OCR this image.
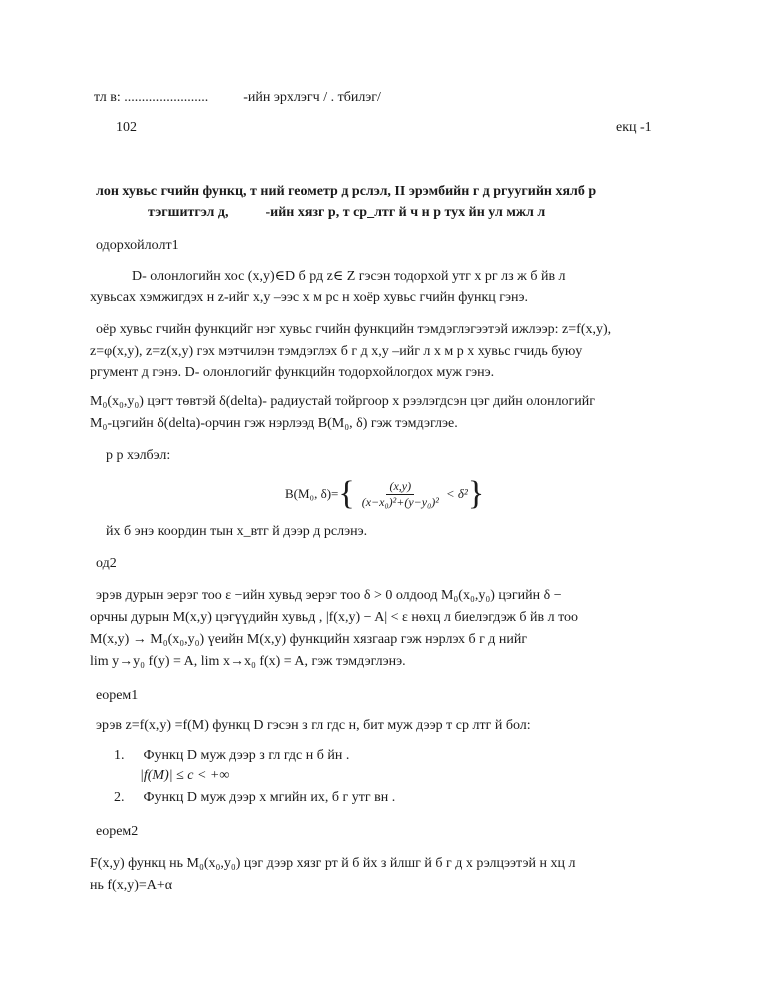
тл в: ........................	-ийн эрхлэгч / . тбилэг/
102	екц -1
лон хувьс гчийн функц, т ний геометр д рслэл, II эрэмбийн г д ргуугийн хялб р
тэгшитгэл д,	-ийн хязг р, т ср_лтг й ч н р тух йн ул мжл л
одорхойлолт1
D- олонлогийн хос (x,y)∈D б рд z∈ Z гэсэн тодорхой утг х рг лз ж б йв л
хувьсах хэмжигдэх н z-ийг x,y –ээс х м рс н хоёр хувьс гчийн функц гэнэ.
оёр хувьс гчийн функцийг нэг хувьс гчийн функцийн тэмдэглэгээтэй ижлээр: z=f(x,y),
z=φ(x,y), z=z(x,y) гэх мэтчилэн тэмдэглэх б г д x,y –ийг л х м р х хувьс гчидь буюу
ргумент д гэнэ. D- олонлогийг функцийн тодорхойлогдох муж гэнэ.
M₀(x₀,y₀) цэгт төвтэй δ(delta)- радиустай тойргоор х рээлэгдсэн цэг дийн олонлогийг
M₀-цэгийн δ(delta)-орчин гэж нэрлээд B(M₀, δ) гэж тэмдэглэе.
р р хэлбэл:
B(M₀, δ)= { $\frac{(x,y)}{\text{(x−x₀)²+(y−y₀)²}} < \delta^2$ }
йх б энэ координ тын х_втг й дээр д рслэнэ.
од2
эрэв дурын эерэг тоо ε −ийн хувьд эерэг тоо δ > 0 олдоод M₀(x₀,y₀) цэгийн δ −
орчны дурын M(x,y) цэгүүдийн хувьд , |f(x,y) − A| < ε нөхц л биелэгдэж б йв л тоо
M(x,y) → M₀(x₀,y₀) үеийн M(x,y) функцийн хязгаар гэж нэрлэх б г д нийг
lim y→y₀ f(y) = A, lim x→x₀ f(x) = A, гэж тэмдэглэнэ.
еорем1
эрэв z=f(x,y) =f(M) функц D гэсэн з гл гдс н, бит муж дээр т ср лтг й бол:
1. Функц D муж дээр з гл гдс н б йн .
|f(M)| ≤ c < +∞
2. Функц D муж дээр х мгийн их, б г утг вн .
еорем2
F(x,y) функц нь M₀(x₀,y₀) цэг дээр хязг рт й б йх з йлшг й б г д х рэлцээтэй н хц л
нь f(x,y)=A+α
